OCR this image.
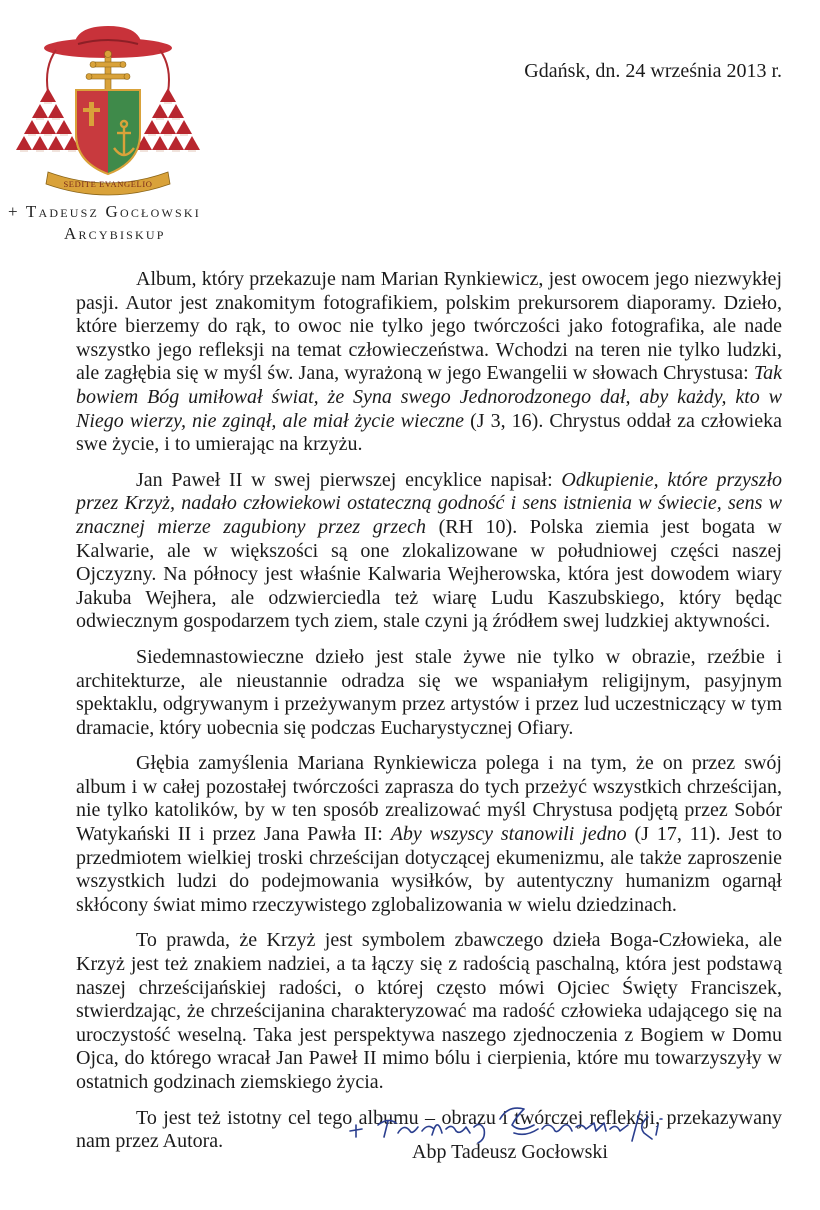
SEDITE EVANGELIO
+ Tadeusz Gocłowski
Arcybiskup
Gdańsk, dn. 24 września 2013 r.

Album, który przekazuje nam Marian Rynkiewicz, jest owocem jego niezwykłej pasji. Autor jest znakomitym fotografikiem, polskim prekursorem diaporamy. Dzieło, które bierzemy do rąk, to owoc nie tylko jego twórczości jako fotografika, ale nade wszystko jego refleksji na temat człowieczeństwa. Wchodzi na teren nie tylko ludzki, ale zagłębia się w myśl św. Jana, wyrażoną w jego Ewangelii w słowach Chrystusa: Tak bowiem Bóg umiłował świat, że Syna swego Jednorodzonego dał, aby każdy, kto w Niego wierzy, nie zginął, ale miał życie wieczne (J 3, 16). Chrystus oddał za człowieka swe życie, i to umierając na krzyżu.

Jan Paweł II w swej pierwszej encyklice napisał: Odkupienie, które przyszło przez Krzyż, nadało człowiekowi ostateczną godność i sens istnienia w świecie, sens w znacznej mierze zagubiony przez grzech (RH 10). Polska ziemia jest bogata w Kalwarie, ale w większości są one zlokalizowane w południowej części naszej Ojczyzny. Na północy jest właśnie Kalwaria Wejherowska, która jest dowodem wiary Jakuba Wejhera, ale odzwierciedla też wiarę Ludu Kaszubskiego, który będąc odwiecznym gospodarzem tych ziem, stale czyni ją źródłem swej ludzkiej aktywności.

Siedemnastowieczne dzieło jest stale żywe nie tylko w obrazie, rzeźbie i architekturze, ale nieustannie odradza się we wspaniałym religijnym, pasyjnym spektaklu, odgrywanym i przeżywanym przez artystów i przez lud uczestniczący w tym dramacie, który uobecnia się podczas Eucharystycznej Ofiary.

Głębia zamyślenia Mariana Rynkiewicza polega i na tym, że on przez swój album i w całej pozostałej twórczości zaprasza do tych przeżyć wszystkich chrześcijan, nie tylko katolików, by w ten sposób zrealizować myśl Chrystusa podjętą przez Sobór Watykański II i przez Jana Pawła II: Aby wszyscy stanowili jedno (J 17, 11). Jest to przedmiotem wielkiej troski chrześcijan dotyczącej ekumenizmu, ale także zaproszenie wszystkich ludzi do podejmowania wysiłków, by autentyczny humanizm ogarnął skłócony świat mimo rzeczywistego zglobalizowania w wielu dziedzinach.

To prawda, że Krzyż jest symbolem zbawczego dzieła Boga-Człowieka, ale Krzyż jest też znakiem nadziei, a ta łączy się z radością paschalną, która jest podstawą naszej chrześcijańskiej radości, o której często mówi Ojciec Święty Franciszek, stwierdzając, że chrześcijanina charakteryzować ma radość człowieka udającego się na uroczystość weselną. Taka jest perspektywa naszego zjednoczenia z Bogiem w Domu Ojca, do którego wracał Jan Paweł II mimo bólu i cierpienia, które mu towarzyszyły w ostatnich godzinach ziemskiego życia.

To jest też istotny cel tego albumu – obrazu i twórczej refleksji, przekazywany nam przez Autora.	Abp Tadeusz Gocłowski
